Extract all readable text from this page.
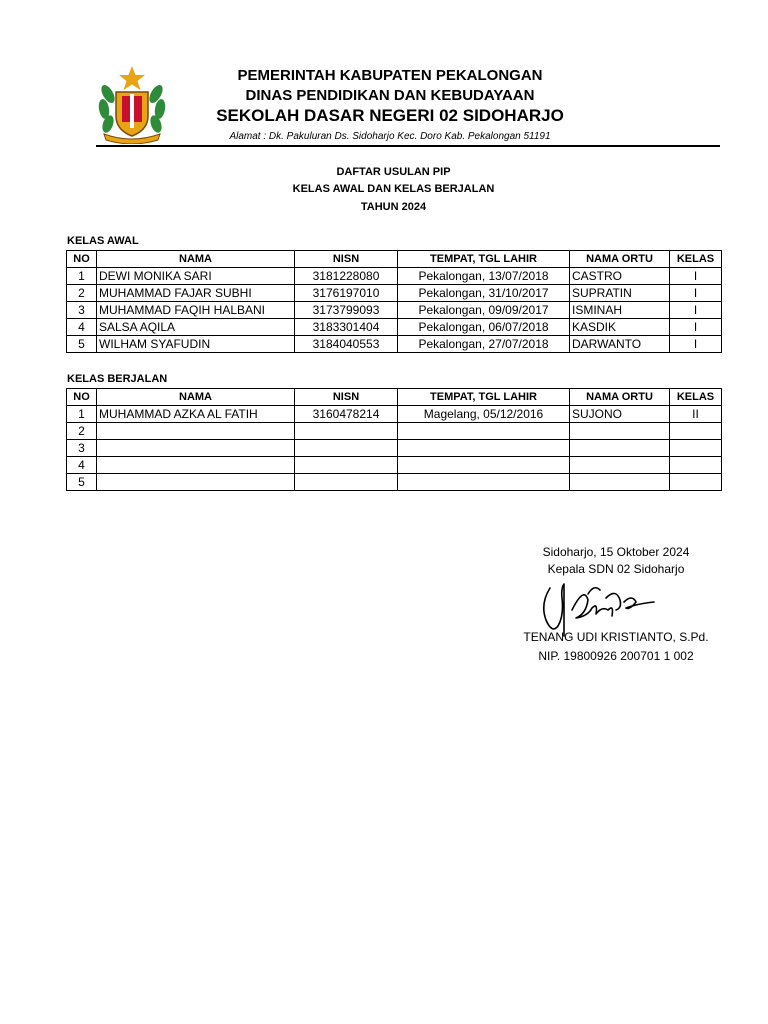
PEMERINTAH KABUPATEN PEKALONGAN
DINAS PENDIDIKAN DAN KEBUDAYAAN
SEKOLAH DASAR NEGERI 02 SIDOHARJO
Alamat : Dk. Pakuluran Ds. Sidoharjo Kec. Doro Kab. Pekalongan 51191
DAFTAR USULAN PIP
KELAS AWAL DAN KELAS BERJALAN
TAHUN 2024
KELAS AWAL
NO	NAMA	NISN	TEMPAT, TGL LAHIR	NAMA ORTU	KELAS
1	DEWI MONIKA SARI	3181228080	Pekalongan, 13/07/2018	CASTRO	I
2	MUHAMMAD FAJAR SUBHI	3176197010	Pekalongan, 31/10/2017	SUPRATIN	I
3	MUHAMMAD FAQIH HALBANI	3173799093	Pekalongan, 09/09/2017	ISMINAH	I
4	SALSA AQILA	3183301404	Pekalongan, 06/07/2018	KASDIK	I
5	WILHAM SYAFUDIN	3184040553	Pekalongan, 27/07/2018	DARWANTO	I
KELAS BERJALAN
NO	NAMA	NISN	TEMPAT, TGL LAHIR	NAMA ORTU	KELAS
1	MUHAMMAD AZKA AL FATIH	3160478214	Magelang, 05/12/2016	SUJONO	II
2					
3					
4					
5					
Sidoharjo, 15 Oktober 2024
Kepala SDN 02 Sidoharjo
TENANG UDI KRISTIANTO, S.Pd.
NIP. 19800926 200701 1 002
